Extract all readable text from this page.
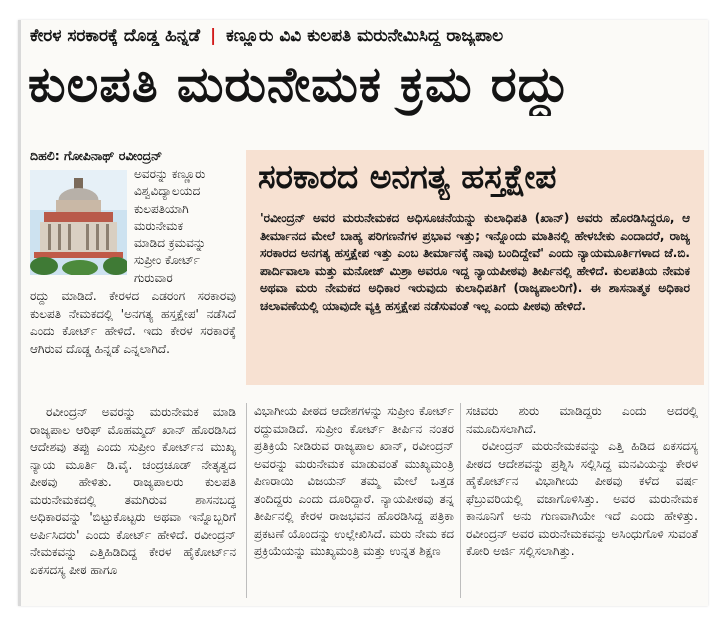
ಕೇರಳ ಸರಕಾರಕ್ಕೆ ದೊಡ್ಡ ಹಿನ್ನಡೆ | ಕಣ್ಣೂರು ವಿವಿ ಕುಲಪತಿ ಮರುನೇಮಿಸಿದ್ದ ರಾಜ್ಯಪಾಲ
ಕುಲಪತಿ ಮರುನೇಮಕ ಕ್ರಮ ರದ್ದು
ದಿಹಲಿ: ಗೋಪಿನಾಥ್ ರವೀಂದ್ರನ್
ಅವರನ್ನು ಕಣ್ಣೂರು
ವಿಶ್ವವಿದ್ಯಾಲಯದ
ಕುಲಪತಿಯಾಗಿ
ಮರುನೇಮಕ
ಮಾಡಿದ ಕ್ರಮವನ್ನು
ಸುಪ್ರೀಂ ಕೋರ್ಟ್
ಗುರುವಾರ
ರದ್ದು ಮಾಡಿದೆ. ಕೇರಳದ ಎಡರಂಗ ಸರಕಾರವು ಕುಲಪತಿ ನೇಮಕದಲ್ಲಿ 'ಅನಗತ್ಯ ಹಸ್ತಕ್ಷೇಪ' ನಡೆಸಿದೆ ಎಂದು ಕೋರ್ಟ್ ಹೇಳಿದೆ. ಇದು ಕೇರಳ ಸರಕಾರಕ್ಕೆ ಆಗಿರುವ ದೊಡ್ಡ ಹಿನ್ನಡೆ ಎನ್ನಲಾಗಿದೆ.
ರವೀಂದ್ರನ್ ಅವರನ್ನು ಮರುನೇಮಕ ಮಾಡಿ ರಾಜ್ಯಪಾಲ ಆರಿಫ್ ಮೊಹಮ್ಮದ್ ಖಾನ್ ಹೊರಡಿಸಿದ ಆದೇಶವು ತಪ್ಪು ಎಂದು ಸುಪ್ರೀಂ ಕೋರ್ಟ್‌ನ ಮುಖ್ಯ ನ್ಯಾಯ ಮೂರ್ತಿ ಡಿ.ವೈ. ಚಂದ್ರಚೂಡ್ ನೇತೃತ್ವದ ಪೀಠವು ಹೇಳಿತು. ರಾಜ್ಯಪಾಲರು ಕುಲಪತಿ ಮರುನೇಮಕದಲ್ಲಿ ತಮಗಿರುವ ಶಾಸನಬದ್ಧ ಅಧಿಕಾರವನ್ನು 'ಬಿಟ್ಟುಕೊಟ್ಟರು ಅಥವಾ ಇನ್ನೊಬ್ಬರಿಗೆ ಅರ್ಪಿಸಿದರು' ಎಂದು ಕೋರ್ಟ್ ಹೇಳಿದೆ. ರವೀಂದ್ರನ್ ನೇಮಕವನ್ನು ಎತ್ತಿಹಿಡಿದಿದ್ದ ಕೇರಳ ಹೈಕೋರ್ಟ್‌ನ ಏಕಸದಸ್ಯ ಪೀಠ ಹಾಗೂ
ಸರಕಾರದ ಅನಗತ್ಯ ಹಸ್ತಕ್ಷೇಪ
'ರವೀಂದ್ರನ್ ಅವರ ಮರುನೇಮಕದ ಅಧಿಸೂಚನೆಯನ್ನು ಕುಲಾಧಿಪತಿ (ಖಾನ್) ಅವರು ಹೊರಡಿಸಿದ್ದರೂ, ಆ ತೀರ್ಮಾನದ ಮೇಲೆ ಬಾಹ್ಯ ಪರಿಗಣನೆಗಳ ಪ್ರಭಾವ ಇತ್ತು; ಇನ್ನೊಂದು ಮಾತಿನಲ್ಲಿ ಹೇಳಬೇಕು ಎಂದಾದರೆ, ರಾಜ್ಯ ಸರಕಾರದ ಅನಗತ್ಯ ಹಸ್ತಕ್ಷೇಪ ಇತ್ತು ಎಂಬ ತೀರ್ಮಾನಕ್ಕೆ ನಾವು ಬಂದಿದ್ದೇವೆ' ಎಂದು ನ್ಯಾಯಮೂರ್ತಿಗಳಾದ ಜೆ.ಬಿ. ಪಾರ್ದಿವಾಲಾ ಮತ್ತು ಮನೋಜ್ ಮಿಶ್ರಾ ಅವರೂ ಇದ್ದ ನ್ಯಾಯಪೀಠವು ತೀರ್ಪಿನಲ್ಲಿ ಹೇಳಿದೆ. ಕುಲಪತಿಯ ನೇಮಕ ಅಥವಾ ಮರು ನೇಮಕದ ಅಧಿಕಾರ ಇರುವುದು ಕುಲಾಧಿಪತಿಗೆ (ರಾಜ್ಯಪಾಲರಿಗೆ). ಈ ಶಾಸನಾತ್ಮಕ ಅಧಿಕಾರ ಚಲಾವಣೆಯಲ್ಲಿ ಯಾವುದೇ ವ್ಯಕ್ತಿ ಹಸ್ತಕ್ಷೇಪ ನಡೆಸುವಂತೆ ಇಲ್ಲ ಎಂದು ಪೀಠವು ಹೇಳಿದೆ.
ವಿಭಾಗೀಯ ಪೀಠದ ಆದೇಶಗಳನ್ನು ಸುಪ್ರೀಂ ಕೋರ್ಟ್ ರದ್ದುಮಾಡಿದೆ. ಸುಪ್ರೀಂ ಕೋರ್ಟ್ ತೀರ್ಪಿನ ನಂತರ ಪ್ರತಿಕ್ರಿಯೆ ನೀಡಿರುವ ರಾಜ್ಯಪಾಲ ಖಾನ್, ರವೀಂದ್ರನ್ ಅವರನ್ನು ಮರುನೇಮಕ ಮಾಡುವಂತೆ ಮುಖ್ಯಮಂತ್ರಿ ಪಿಣರಾಯಿ ವಿಜಯನ್ ತಮ್ಮ ಮೇಲೆ ಒತ್ತಡ ತಂದಿದ್ದರು ಎಂದು ದೂರಿದ್ದಾರೆ. ನ್ಯಾಯಪೀಠವು ತನ್ನ ತೀರ್ಪಿನಲ್ಲಿ ಕೇರಳ ರಾಜಭವನ ಹೊರಡಿಸಿದ್ದ ಪತ್ರಿಕಾ ಪ್ರಕಟಣೆ ಯೊಂದನ್ನು ಉಲ್ಲೇಖಿಸಿದೆ. ಮರು ನೇಮ ಕದ ಪ್ರಕ್ರಿಯೆಯನ್ನು ಮುಖ್ಯಮಂತ್ರಿ ಮತ್ತು ಉನ್ನತ ಶಿಕ್ಷಣ

ಸಚಿವರು ಶುರು ಮಾಡಿದ್ದರು ಎಂದು ಅದರಲ್ಲಿ ನಮೂದಿಸಲಾಗಿದೆ.

ರವೀಂದ್ರನ್ ಮರುನೇಮಕವನ್ನು ಎತ್ತಿ ಹಿಡಿದ ಏಕಸದಸ್ಯ ಪೀಠದ ಆದೇಶವನ್ನು ಪ್ರಶ್ನಿಸಿ ಸಲ್ಲಿಸಿದ್ದ ಮನವಿಯನ್ನು ಕೇರಳ ಹೈಕೋರ್ಟ್‌ನ ವಿಭಾಗೀಯ ಪೀಠವು ಕಳೆದ ವರ್ಷ ಫೆಬ್ರುವರಿಯಲ್ಲಿ ವಜಾಗೊಳಿಸಿತ್ತು. ಅವರ ಮರುನೇಮಕ ಕಾನೂನಿಗೆ ಅನು ಗುಣವಾಗಿಯೇ ಇದೆ ಎಂದು ಹೇಳಿತ್ತು. ರವೀಂದ್ರನ್ ಅವರ ಮರುನೇಮಕವನ್ನು ಅಸಿಂಧುಗೊಳಿ ಸುವಂತೆ ಕೋರಿ ಅರ್ಜಿ ಸಲ್ಲಿಸಲಾಗಿತ್ತು.
